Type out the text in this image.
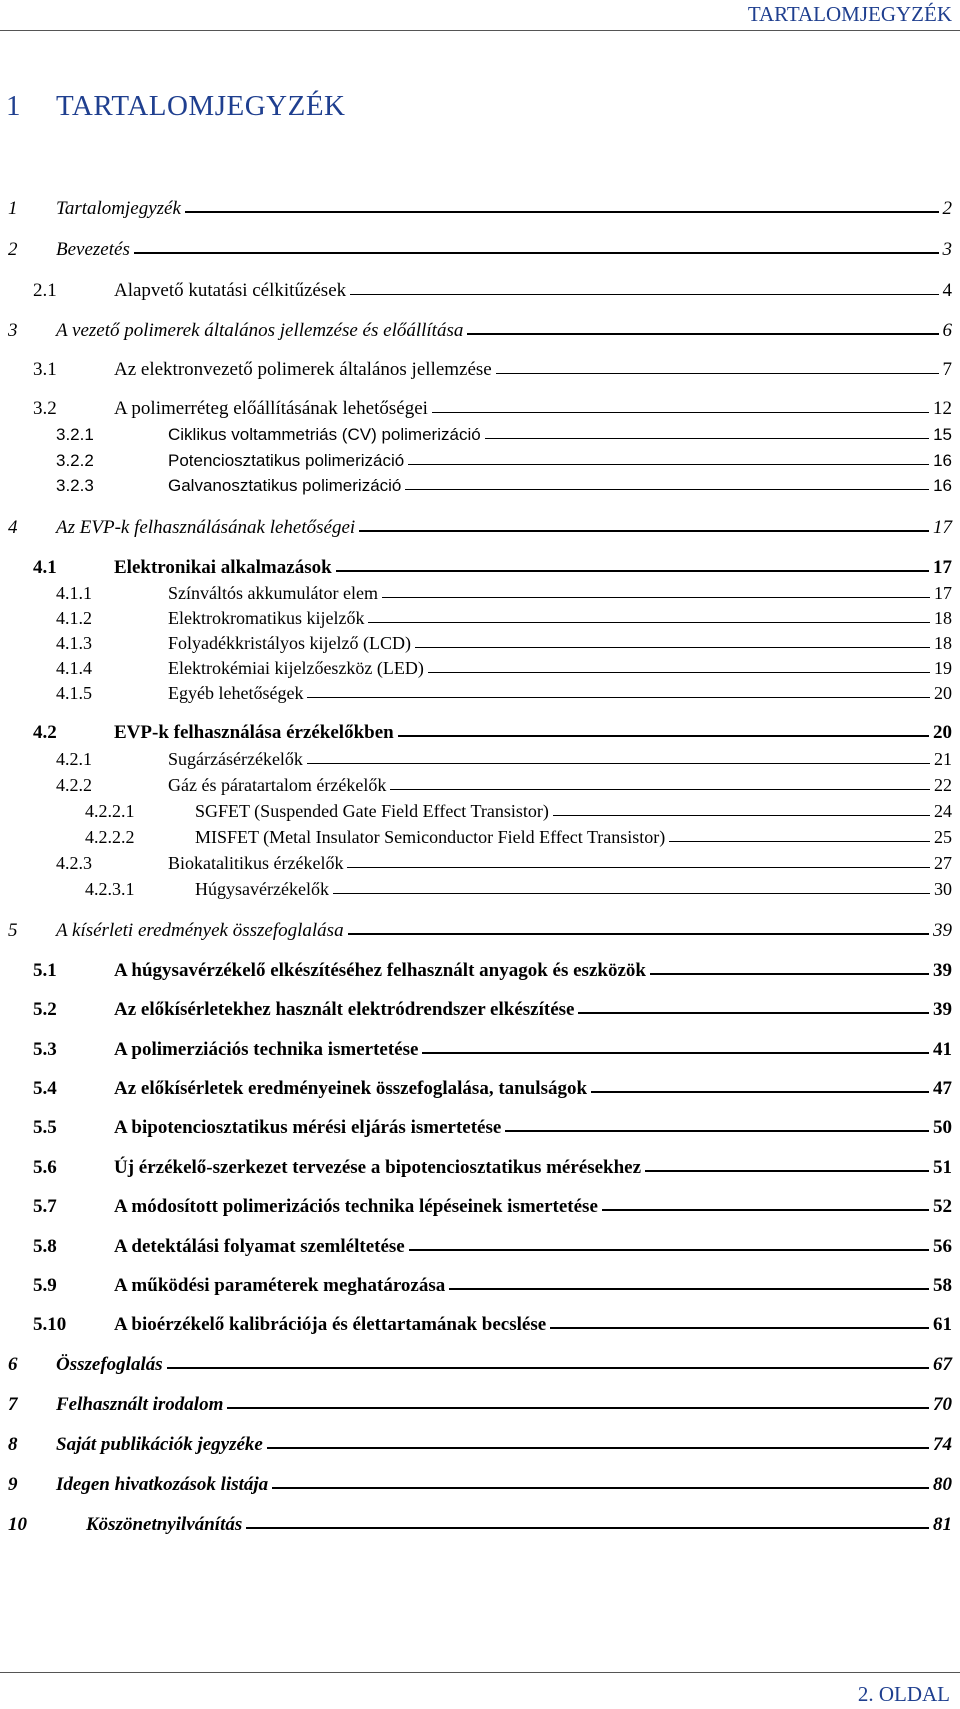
TARTALOMJEGYZÉK
1 TARTALOMJEGYZÉK
1	Tartalomjegyzék	2
2	Bevezetés	3
2.1	Alapvető kutatási célkitűzések	4
3	A vezető polimerek általános jellemzése és előállítása	6
3.1	Az elektronvezető polimerek általános jellemzése	7
3.2	A polimerréteg előállításának lehetőségei	12
3.2.1	Ciklikus voltammetriás (CV) polimerizáció	15
3.2.2	Potenciosztatikus polimerizáció	16
3.2.3	Galvanosztatikus polimerizáció	16
4	Az EVP-k felhasználásának lehetőségei	17
4.1	Elektronikai alkalmazások	17
4.1.1	Színváltós akkumulátor elem	17
4.1.2	Elektrokromatikus kijelzők	18
4.1.3	Folyadékkristályos kijelző (LCD)	18
4.1.4	Elektrokémiai kijelzőeszköz (LED)	19
4.1.5	Egyéb lehetőségek	20
4.2	EVP-k felhasználása érzékelőkben	20
4.2.1	Sugárzásérzékelők	21
4.2.2	Gáz és páratartalom érzékelők	22
4.2.2.1	SGFET (Suspended Gate Field Effect Transistor)	24
4.2.2.2	MISFET (Metal Insulator Semiconductor Field Effect Transistor)	25
4.2.3	Biokatalitikus érzékelők	27
4.2.3.1	Húgysavérzékelők	30
5	A kísérleti eredmények összefoglalása	39
5.1	A húgysavérzékelő elkészítéséhez felhasznált anyagok és eszközök	39
5.2	Az előkísérletekhez használt elektródrendszer elkészítése	39
5.3	A polimerziációs technika ismertetése	41
5.4	Az előkísérletek eredményeinek összefoglalása, tanulságok	47
5.5	A bipotenciosztatikus mérési eljárás ismertetése	50
5.6	Új érzékelő-szerkezet tervezése a bipotenciosztatikus mérésekhez	51
5.7	A módosított polimerizációs technika lépéseinek ismertetése	52
5.8	A detektálási folyamat szemléltetése	56
5.9	A működési paraméterek meghatározása	58
5.10	A bioérzékelő kalibrációja és élettartamának becslése	61
6	Összefoglalás	67
7	Felhasznált irodalom	70
8	Saját publikációk jegyzéke	74
9	Idegen hivatkozások listája	80
10	Köszönetnyilvánítás	81
2. OLDAL
